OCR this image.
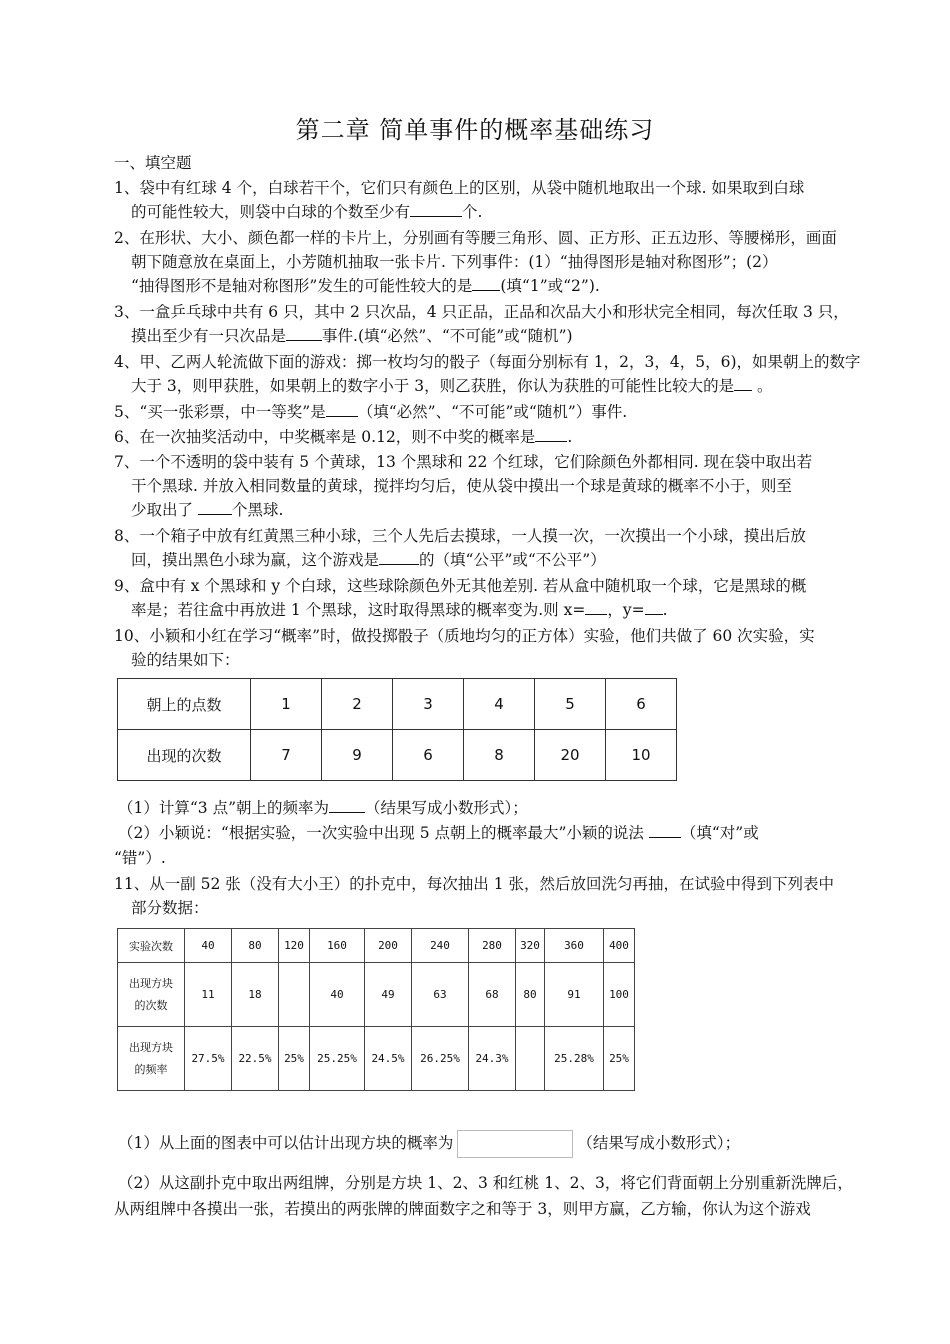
第二章 简单事件的概率基础练习
一、填空题
1、袋中有红球 4 个，白球若干个，它们只有颜色上的区别，从袋中随机地取出一个球. 如果取到白球
的可能性较大，则袋中白球的个数至少有	个.
2、在形状、大小、颜色都一样的卡片上，分别画有等腰三角形、圆、正方形、正五边形、等腰梯形，画面
朝下随意放在桌面上，小芳随机抽取一张卡片. 下列事件：(1）“抽得图形是轴对称图形”；(2）
“抽得图形不是轴对称图形”发生的可能性较大的是 (填“1”或“2”).
3、一盒乒乓球中共有 6 只，其中 2 只次品，4 只正品，正品和次品大小和形状完全相同，每次任取 3 只，
摸出至少有一只次品是 事件.(填“必然”、“不可能”或“随机”)
4、甲、乙两人轮流做下面的游戏：掷一枚均匀的骰子（每面分别标有 1，2，3，4，5，6)，如果朝上的数字
大于 3，则甲获胜，如果朝上的数字小于 3，则乙获胜，你认为获胜的可能性比较大的是 。
5、“买一张彩票，中一等奖”是 （填“必然”、“不可能”或“随机”）事件.
6、在一次抽奖活动中，中奖概率是 0.12，则不中奖的概率是 .
7、一个不透明的袋中装有 5 个黄球，13 个黑球和 22 个红球，它们除颜色外都相同. 现在袋中取出若
干个黑球. 并放入相同数量的黄球，搅拌均匀后，使从袋中摸出一个球是黄球的概率不小于，则至
少取出了 个黑球.
8、一个箱子中放有红黄黑三种小球，三个人先后去摸球，一人摸一次，一次摸出一个小球，摸出后放
回，摸出黑色小球为赢，这个游戏是	的（填“公平”或“不公平”）
9、盒中有 x 个黑球和 y 个白球，这些球除颜色外无其他差别. 若从盒中随机取一个球，它是黑球的概
率是；若往盒中再放进 1 个黑球，这时取得黑球的概率变为.则 x= ，y= .
10、小颖和小红在学习“概率”时，做投掷骰子（质地均匀的正方体）实验，他们共做了 60 次实验，实
验的结果如下：
朝上的点数	1	2	3	4	5	6
出现的次数	7	9	6	8	20	10
（1）计算“3 点”朝上的频率为 （结果写成小数形式）；
（2）小颖说：“根据实验，一次实验中出现 5 点朝上的概率最大”小颖的说法 （填“对”或
“错”）.
11、从一副 52 张（没有大小王）的扑克中，每次抽出 1 张，然后放回洗匀再抽，在试验中得到下列表中
部分数据：
实验次数	40	80	120	160	200	240	280	320	360	400
出现方块
的次数	11	18		40	49	63	68	80	91	100
出现方块
的频率	27.5%	22.5%	25%	25.25%	24.5%	26.25%	24.3%		25.28%	25%
（1）从上面的图表中可以估计出现方块的概率为	（结果写成小数形式）；
（2）从这副扑克中取出两组牌，分别是方块 1、2、3 和红桃 1、2、3，将它们背面朝上分别重新洗牌后，
从两组牌中各摸出一张，若摸出的两张牌的牌面数字之和等于 3，则甲方赢，乙方输，你认为这个游戏
